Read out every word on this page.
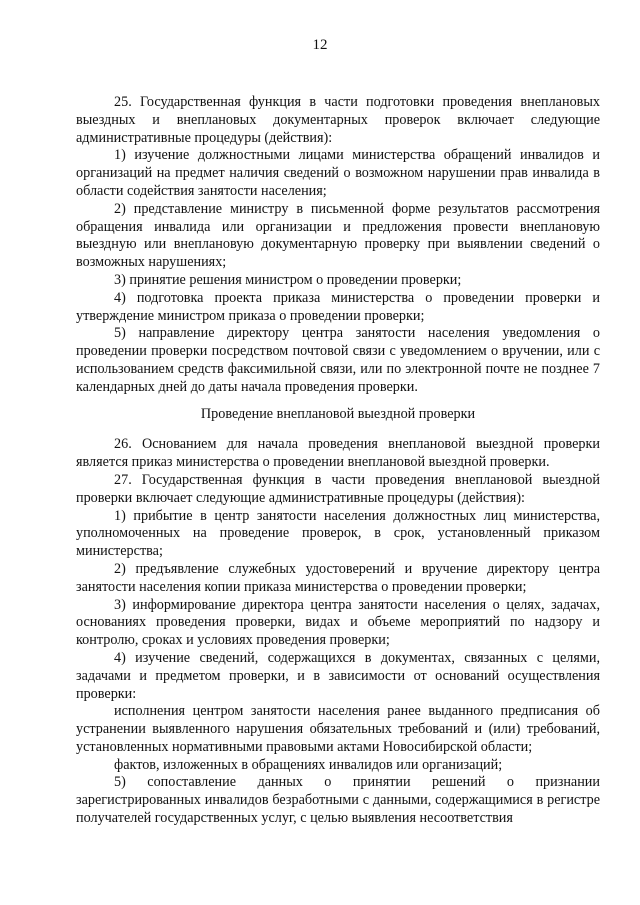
12

25. Государственная функция в части подготовки проведения внеплановых выездных и внеплановых документарных проверок включает следующие административные процедуры (действия):

1) изучение должностными лицами министерства обращений инвалидов и организаций на предмет наличия сведений о возможном нарушении прав инвалида в области содействия занятости населения;

2) представление министру в письменной форме результатов рассмотрения обращения инвалида или организации и предложения провести внеплановую выездную или внеплановую документарную проверку при выявлении сведений о возможных нарушениях;

3) принятие решения министром о проведении проверки;

4) подготовка проекта приказа министерства о проведении проверки и утверждение министром приказа о проведении проверки;

5) направление директору центра занятости населения уведомления о проведении проверки посредством почтовой связи с уведомлением о вручении, или с использованием средств факсимильной связи, или по электронной почте не позднее 7 календарных дней до даты начала проведения проверки.

Проведение внеплановой выездной проверки

26. Основанием для начала проведения внеплановой выездной проверки является приказ министерства о проведении внеплановой выездной проверки.

27. Государственная функция в части проведения внеплановой выездной проверки включает следующие административные процедуры (действия):

1) прибытие в центр занятости населения должностных лиц министерства, уполномоченных на проведение проверок, в срок, установленный приказом министерства;

2) предъявление служебных удостоверений и вручение директору центра занятости населения копии приказа министерства о проведении проверки;

3) информирование директора центра занятости населения о целях, задачах, основаниях проведения проверки, видах и объеме мероприятий по надзору и контролю, сроках и условиях проведения проверки;

4) изучение сведений, содержащихся в документах, связанных с целями, задачами и предметом проверки, и в зависимости от оснований осуществления проверки:

исполнения центром занятости населения ранее выданного предписания об устранении выявленного нарушения обязательных требований и (или) требований, установленных нормативными правовыми актами Новосибирской области;

фактов, изложенных в обращениях инвалидов или организаций;

5) сопоставление данных о принятии решений о признании зарегистрированных инвалидов безработными с данными, содержащимися в регистре получателей государственных услуг, с целью выявления несоответствия
